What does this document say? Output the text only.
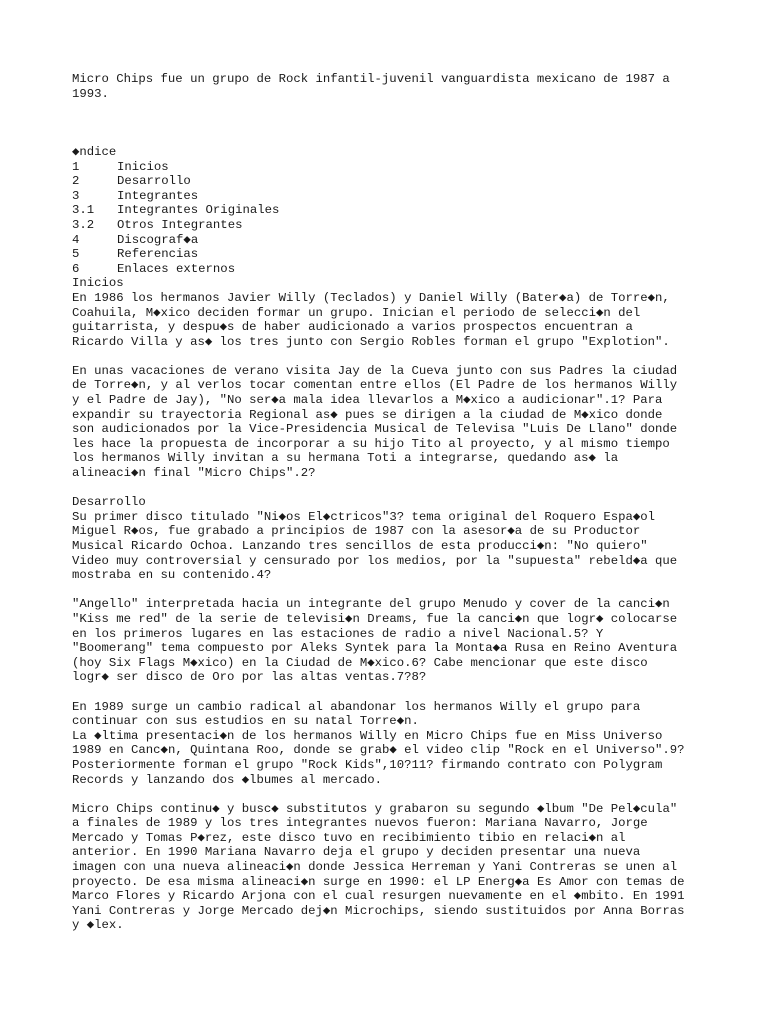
Micro Chips fue un grupo de Rock infantil-juvenil vanguardista mexicano de 1987 a
1993.
◆ndice
1	Inicios
2	Desarrollo
3	Integrantes
3.1	Integrantes Originales
3.2	Otros Integrantes
4	Discograf◆a
5	Referencias
6	Enlaces externos
Inicios
En 1986 los hermanos Javier Willy (Teclados) y Daniel Willy (Bater◆a) de Torre◆n,
Coahuila, M◆xico deciden formar un grupo. Inician el periodo de selecci◆n del
guitarrista, y despu◆s de haber audicionado a varios prospectos encuentran a
Ricardo Villa y as◆ los tres junto con Sergio Robles forman el grupo "Explotion".
En unas vacaciones de verano visita Jay de la Cueva junto con sus Padres la ciudad
de Torre◆n, y al verlos tocar comentan entre ellos (El Padre de los hermanos Willy
y el Padre de Jay), "No ser◆a mala idea llevarlos a M◆xico a audicionar".1? Para
expandir su trayectoria Regional as◆ pues se dirigen a la ciudad de M◆xico donde
son audicionados por la Vice-Presidencia Musical de Televisa "Luis De Llano" donde
les hace la propuesta de incorporar a su hijo Tito al proyecto, y al mismo tiempo
los hermanos Willy invitan a su hermana Toti a integrarse, quedando as◆ la
alineaci◆n final "Micro Chips".2?
Desarrollo
Su primer disco titulado "Ni◆os El◆ctricos"3? tema original del Roquero Espa◆ol
Miguel R◆os, fue grabado a principios de 1987 con la asesor◆a de su Productor
Musical Ricardo Ochoa. Lanzando tres sencillos de esta producci◆n: "No quiero"
Video muy controversial y censurado por los medios, por la "supuesta" rebeld◆a que
mostraba en su contenido.4?
"Angello" interpretada hacia un integrante del grupo Menudo y cover de la canci◆n
"Kiss me red" de la serie de televisi◆n Dreams, fue la canci◆n que logr◆ colocarse
en los primeros lugares en las estaciones de radio a nivel Nacional.5? Y
"Boomerang" tema compuesto por Aleks Syntek para la Monta◆a Rusa en Reino Aventura
(hoy Six Flags M◆xico) en la Ciudad de M◆xico.6? Cabe mencionar que este disco
logr◆ ser disco de Oro por las altas ventas.7?8?
En 1989 surge un cambio radical al abandonar los hermanos Willy el grupo para
continuar con sus estudios en su natal Torre◆n.
La ◆ltima presentaci◆n de los hermanos Willy en Micro Chips fue en Miss Universo
1989 en Canc◆n, Quintana Roo, donde se grab◆ el video clip "Rock en el Universo".9?
Posteriormente forman el grupo "Rock Kids",10?11? firmando contrato con Polygram
Records y lanzando dos ◆lbumes al mercado.
Micro Chips continu◆ y busc◆ substitutos y grabaron su segundo ◆lbum "De Pel◆cula"
a finales de 1989 y los tres integrantes nuevos fueron: Mariana Navarro, Jorge
Mercado y Tomas P◆rez, este disco tuvo en recibimiento tibio en relaci◆n al
anterior. En 1990 Mariana Navarro deja el grupo y deciden presentar una nueva
imagen con una nueva alineaci◆n donde Jessica Herreman y Yani Contreras se unen al
proyecto. De esa misma alineaci◆n surge en 1990: el LP Energ◆a Es Amor con temas de
Marco Flores y Ricardo Arjona con el cual resurgen nuevamente en el ◆mbito. En 1991
Yani Contreras y Jorge Mercado dej◆n Microchips, siendo sustituidos por Anna Borras
y ◆lex.
